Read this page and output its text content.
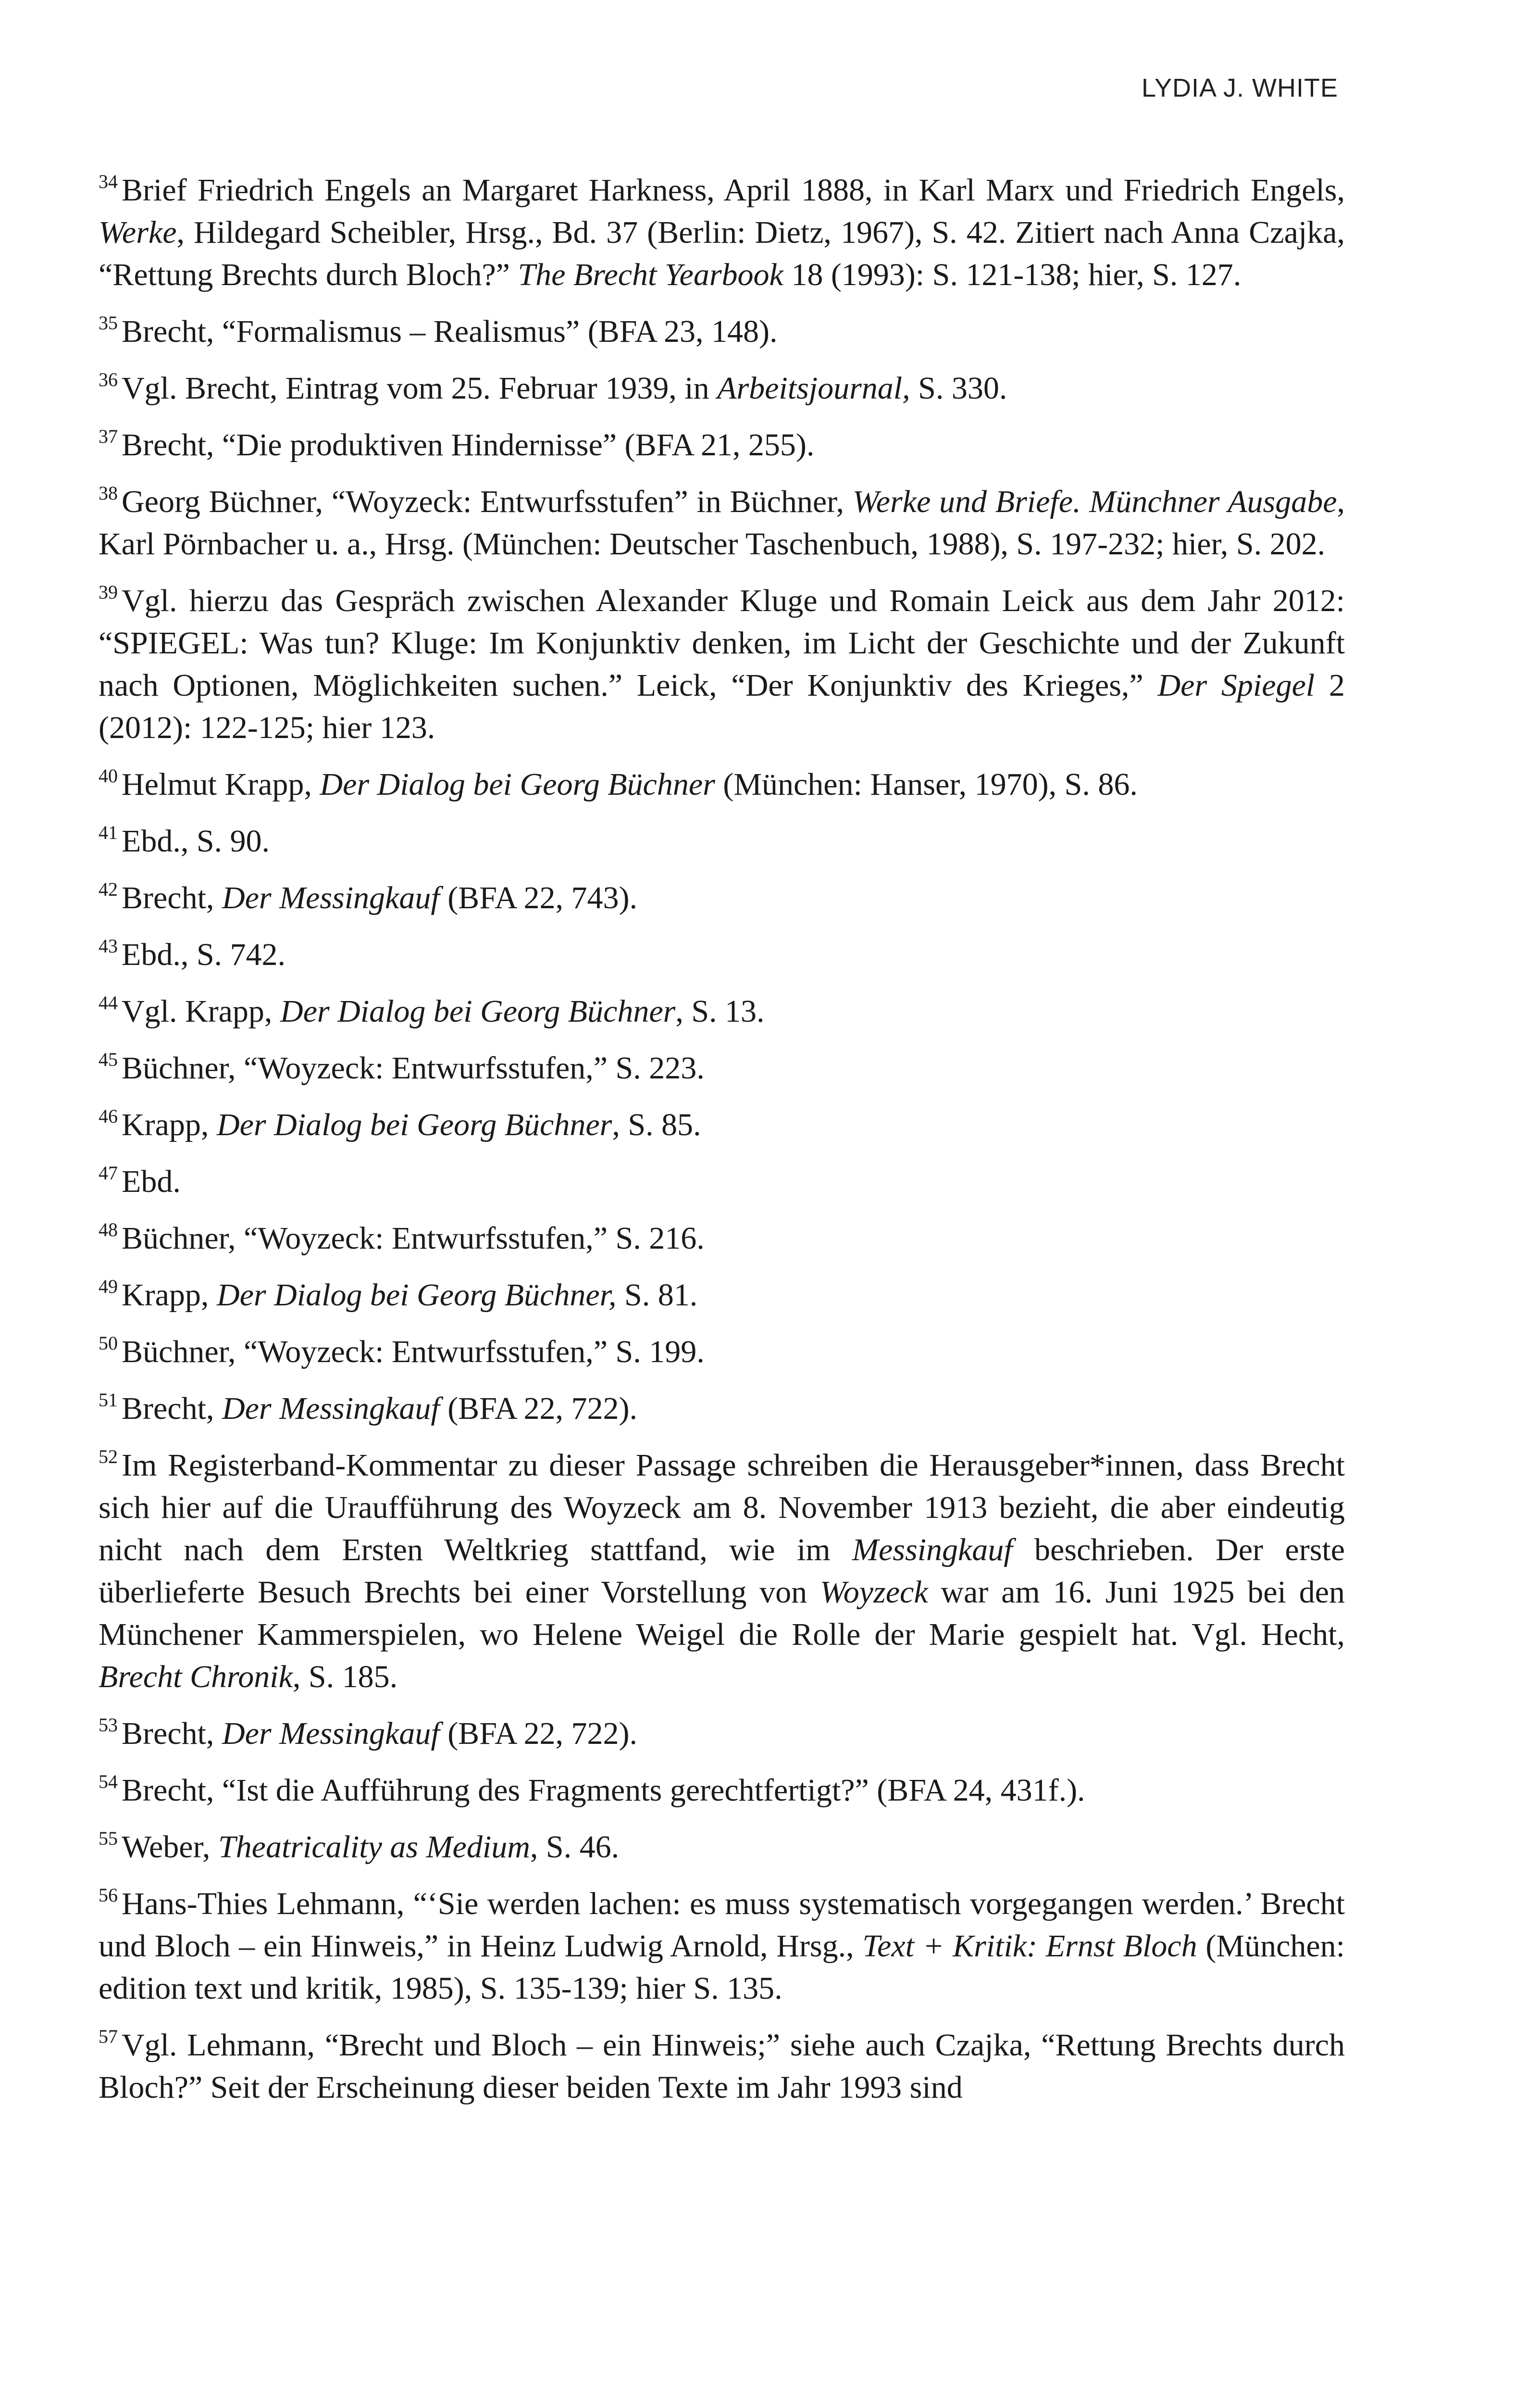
LYDIA J. WHITE

$^{34}$ Brief Friedrich Engels an Margaret Harkness, April 1888, in Karl Marx und Friedrich Engels, Werke, Hildegard Scheibler, Hrsg., Bd. 37 (Berlin: Dietz, 1967), S. 42. Zitiert nach Anna Czajka, “Rettung Brechts durch Bloch?” The Brecht Yearbook 18 (1993): S. 121-138; hier, S. 127.

$^{35}$ Brecht, “Formalismus – Realismus” (BFA 23, 148).

$^{36}$ Vgl. Brecht, Eintrag vom 25. Februar 1939, in Arbeitsjournal, S. 330.

$^{37}$ Brecht, “Die produktiven Hindernisse” (BFA 21, 255).

$^{38}$ Georg Büchner, “Woyzeck: Entwurfsstufen” in Büchner, Werke und Briefe. Münchner Ausgabe, Karl Pörnbacher u. a., Hrsg. (München: Deutscher Taschenbuch, 1988), S. 197-232; hier, S. 202.

$^{39}$ Vgl. hierzu das Gespräch zwischen Alexander Kluge und Romain Leick aus dem Jahr 2012: “SPIEGEL: Was tun? Kluge: Im Konjunktiv denken, im Licht der Geschichte und der Zukunft nach Optionen, Möglichkeiten suchen.” Leick, “Der Konjunktiv des Krieges,” Der Spiegel 2 (2012): 122-125; hier 123.

$^{40}$ Helmut Krapp, Der Dialog bei Georg Büchner (München: Hanser, 1970), S. 86.

$^{41}$ Ebd., S. 90.

$^{42}$ Brecht, Der Messingkauf (BFA 22, 743).

$^{43}$ Ebd., S. 742.

$^{44}$ Vgl. Krapp, Der Dialog bei Georg Büchner, S. 13.

$^{45}$ Büchner, “Woyzeck: Entwurfsstufen,” S. 223.

$^{46}$ Krapp, Der Dialog bei Georg Büchner, S. 85.

$^{47}$ Ebd.

$^{48}$ Büchner, “Woyzeck: Entwurfsstufen,” S. 216.

$^{49}$ Krapp, Der Dialog bei Georg Büchner, S. 81.

$^{50}$ Büchner, “Woyzeck: Entwurfsstufen,” S. 199.

$^{51}$ Brecht, Der Messingkauf (BFA 22, 722).

$^{52}$ Im Registerband-Kommentar zu dieser Passage schreiben die Herausgeber*innen, dass Brecht sich hier auf die Uraufführung des Woyzeck am 8. November 1913 bezieht, die aber eindeutig nicht nach dem Ersten Weltkrieg stattfand, wie im Messingkauf beschrieben. Der erste überlieferte Besuch Brechts bei einer Vorstellung von Woyzeck war am 16. Juni 1925 bei den Münchener Kammerspielen, wo Helene Weigel die Rolle der Marie gespielt hat. Vgl. Hecht, Brecht Chronik, S. 185.

$^{53}$ Brecht, Der Messingkauf (BFA 22, 722).

$^{54}$ Brecht, “Ist die Aufführung des Fragments gerechtfertigt?” (BFA 24, 431f.).

$^{55}$ Weber, Theatricality as Medium, S. 46.

$^{56}$ Hans-Thies Lehmann, “‘Sie werden lachen: es muss systematisch vorgegangen werden.’ Brecht und Bloch – ein Hinweis,” in Heinz Ludwig Arnold, Hrsg., Text + Kritik: Ernst Bloch (München: edition text und kritik, 1985), S. 135-139; hier S. 135.

$^{57}$ Vgl. Lehmann, “Brecht und Bloch – ein Hinweis;” siehe auch Czajka, “Rettung Brechts durch Bloch?” Seit der Erscheinung dieser beiden Texte im Jahr 1993 sind
